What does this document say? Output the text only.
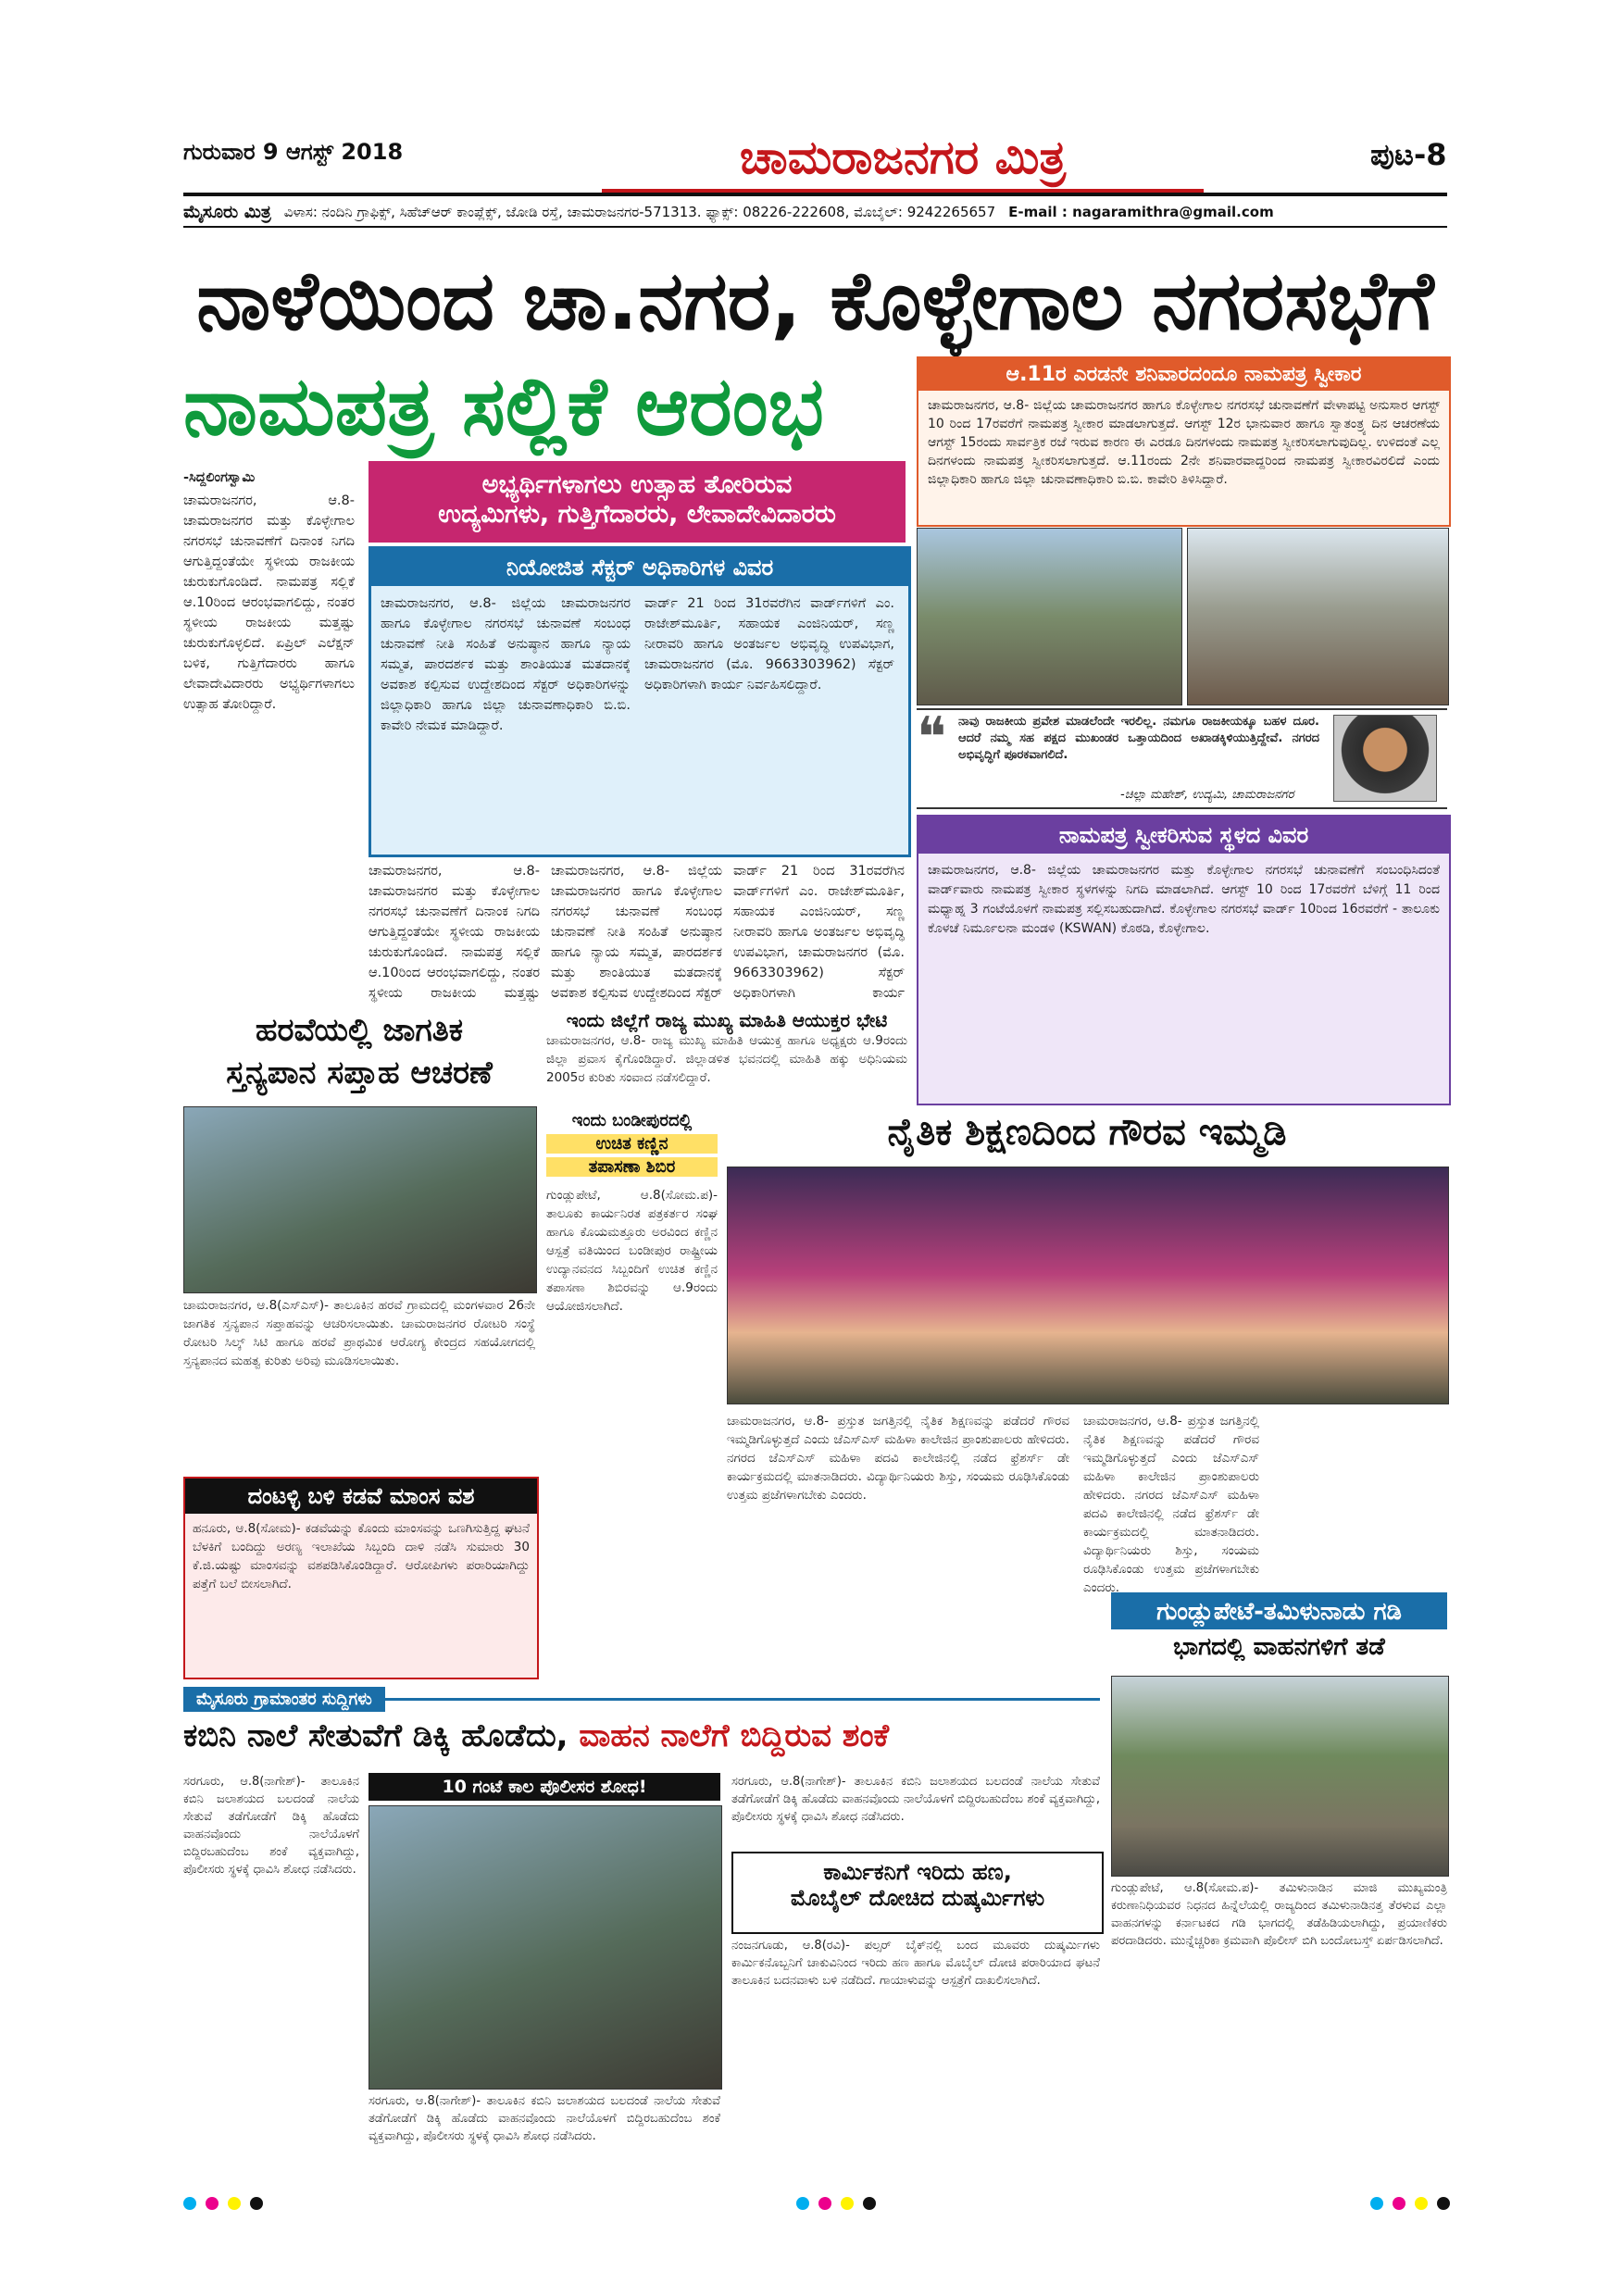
ಗುರುವಾರ 9 ಆಗಸ್ಟ್ 2018	ಚಾಮರಾಜನಗರ ಮಿತ್ರ	ಪುಟ-8
ಮೈಸೂರು ಮಿತ್ರ ವಿಳಾಸ: ನಂದಿನಿ ಗ್ರಾಫಿಕ್ಸ್, ಸಿಹೆಚ್ಆರ್ ಕಾಂಪ್ಲೆಕ್ಸ್, ಜೋಡಿ ರಸ್ತೆ, ಚಾಮರಾಜನಗರ-571313. ಫ್ಯಾಕ್ಸ್: 08226-222608, ಮೊಬೈಲ್: 9242265657 E-mail : nagaramithra@gmail.com
ನಾಳೆಯಿಂದ ಚಾ.ನಗರ, ಕೊಳ್ಳೇಗಾಲ ನಗರಸಭೆಗೆ
ನಾಮಪತ್ರ ಸಲ್ಲಿಕೆ ಆರಂಭ
-ಸಿದ್ದಲಿಂಗಸ್ವಾಮಿ
ಚಾಮರಾಜನಗರ, ಆ.8- ಚಾಮರಾಜನಗರ ಮತ್ತು ಕೊಳ್ಳೇಗಾಲ ನಗರಸಭೆ ಚುನಾವಣೆಗೆ ದಿನಾಂಕ ನಿಗದಿ ಆಗುತ್ತಿದ್ದಂತೆಯೇ ಸ್ಥಳೀಯ ರಾಜಕೀಯ ಚುರುಕುಗೊಂಡಿದೆ. ನಾಮಪತ್ರ ಸಲ್ಲಿಕೆ ಆ.10ರಿಂದ ಆರಂಭವಾಗಲಿದ್ದು, ನಂತರ ಸ್ಥಳೀಯ ರಾಜಕೀಯ ಮತ್ತಷ್ಟು ಚುರುಕುಗೊಳ್ಳಲಿದೆ. ಏಪ್ರಿಲ್ ಎಲೆಕ್ಷನ್ ಬಳಿಕ, ಗುತ್ತಿಗೆದಾರರು ಹಾಗೂ ಲೇವಾದೇವಿದಾರರು ಅಭ್ಯರ್ಥಿಗಳಾಗಲು ಉತ್ಸಾಹ ತೋರಿದ್ದಾರೆ.
ಅಭ್ಯರ್ಥಿಗಳಾಗಲು ಉತ್ಸಾಹ ತೋರಿರುವ
ಉದ್ಯಮಿಗಳು, ಗುತ್ತಿಗೆದಾರರು, ಲೇವಾದೇವಿದಾರರು
ನಿಯೋಜಿತ ಸೆಕ್ಟರ್ ಅಧಿಕಾರಿಗಳ ವಿವರ
ಚಾಮರಾಜನಗರ, ಆ.8- ಜಿಲ್ಲೆಯ ಚಾಮರಾಜನಗರ ಹಾಗೂ ಕೊಳ್ಳೇಗಾಲ ನಗರಸಭೆ ಚುನಾವಣೆ ಸಂಬಂಧ ಚುನಾವಣೆ ನೀತಿ ಸಂಹಿತೆ ಅನುಷ್ಠಾನ ಹಾಗೂ ನ್ಯಾಯ ಸಮ್ಮತ, ಪಾರದರ್ಶಕ ಮತ್ತು ಶಾಂತಿಯುತ ಮತದಾನಕ್ಕೆ ಅವಕಾಶ ಕಲ್ಪಿಸುವ ಉದ್ದೇಶದಿಂದ ಸೆಕ್ಟರ್ ಅಧಿಕಾರಿಗಳನ್ನು ಜಿಲ್ಲಾಧಿಕಾರಿ ಹಾಗೂ ಜಿಲ್ಲಾ ಚುನಾವಣಾಧಿಕಾರಿ ಬಿ.ಬಿ. ಕಾವೇರಿ ನೇಮಕ ಮಾಡಿದ್ದಾರೆ.
ವಾರ್ಡ್ 21 ರಿಂದ 31ರವರೆಗಿನ ವಾರ್ಡ್‌ಗಳಿಗೆ ಎಂ. ರಾಜೇಶ್‌ಮೂರ್ತಿ, ಸಹಾಯಕ ಎಂಜಿನಿಯರ್, ಸಣ್ಣ ನೀರಾವರಿ ಹಾಗೂ ಅಂತರ್ಜಲ ಅಭಿವೃದ್ಧಿ ಉಪವಿಭಾಗ, ಚಾಮರಾಜನಗರ (ಮೊ. 9663303962) ಸೆಕ್ಟರ್ ಅಧಿಕಾರಿಗಳಾಗಿ ಕಾರ್ಯ ನಿರ್ವಹಿಸಲಿದ್ದಾರೆ.
ಚಾಮರಾಜನಗರ, ಆ.8- ಚಾಮರಾಜನಗರ ಮತ್ತು ಕೊಳ್ಳೇಗಾಲ ನಗರಸಭೆ ಚುನಾವಣೆಗೆ ದಿನಾಂಕ ನಿಗದಿ ಆಗುತ್ತಿದ್ದಂತೆಯೇ ಸ್ಥಳೀಯ ರಾಜಕೀಯ ಚುರುಕುಗೊಂಡಿದೆ. ನಾಮಪತ್ರ ಸಲ್ಲಿಕೆ ಆ.10ರಿಂದ ಆರಂಭವಾಗಲಿದ್ದು, ನಂತರ ಸ್ಥಳೀಯ ರಾಜಕೀಯ ಮತ್ತಷ್ಟು
ಚಾಮರಾಜನಗರ, ಆ.8- ಜಿಲ್ಲೆಯ ಚಾಮರಾಜನಗರ ಹಾಗೂ ಕೊಳ್ಳೇಗಾಲ ನಗರಸಭೆ ಚುನಾವಣೆ ಸಂಬಂಧ ಚುನಾವಣೆ ನೀತಿ ಸಂಹಿತೆ ಅನುಷ್ಠಾನ ಹಾಗೂ ನ್ಯಾಯ ಸಮ್ಮತ, ಪಾರದರ್ಶಕ ಮತ್ತು ಶಾಂತಿಯುತ ಮತದಾನಕ್ಕೆ ಅವಕಾಶ ಕಲ್ಪಿಸುವ ಉದ್ದೇಶದಿಂದ ಸೆಕ್ಟರ್
ವಾರ್ಡ್ 21 ರಿಂದ 31ರವರೆಗಿನ ವಾರ್ಡ್‌ಗಳಿಗೆ ಎಂ. ರಾಜೇಶ್‌ಮೂರ್ತಿ, ಸಹಾಯಕ ಎಂಜಿನಿಯರ್, ಸಣ್ಣ ನೀರಾವರಿ ಹಾಗೂ ಅಂತರ್ಜಲ ಅಭಿವೃದ್ಧಿ ಉಪವಿಭಾಗ, ಚಾಮರಾಜನಗರ (ಮೊ. 9663303962) ಸೆಕ್ಟರ್ ಅಧಿಕಾರಿಗಳಾಗಿ ಕಾರ್ಯ
ಆ.11ರ ಎರಡನೇ ಶನಿವಾರದಂದೂ ನಾಮಪತ್ರ ಸ್ವೀಕಾರ
ಚಾಮರಾಜನಗರ, ಆ.8- ಜಿಲ್ಲೆಯ ಚಾಮರಾಜನಗರ ಹಾಗೂ ಕೊಳ್ಳೇಗಾಲ ನಗರಸಭೆ ಚುನಾವಣೆಗೆ ವೇಳಾಪಟ್ಟಿ ಅನುಸಾರ ಆಗಸ್ಟ್ 10 ರಿಂದ 17ರವರೆಗೆ ನಾಮಪತ್ರ ಸ್ವೀಕಾರ ಮಾಡಲಾಗುತ್ತದೆ. ಆಗಸ್ಟ್ 12ರ ಭಾನುವಾರ ಹಾಗೂ ಸ್ವಾತಂತ್ರ್ಯ ದಿನ ಆಚರಣೆಯ ಆಗಸ್ಟ್ 15ರಂದು ಸಾರ್ವತ್ರಿಕ ರಜೆ ಇರುವ ಕಾರಣ ಈ ಎರಡೂ ದಿನಗಳಂದು ನಾಮಪತ್ರ ಸ್ವೀಕರಿಸಲಾಗುವುದಿಲ್ಲ. ಉಳಿದಂತೆ ಎಲ್ಲ ದಿನಗಳಂದು ನಾಮಪತ್ರ ಸ್ವೀಕರಿಸಲಾಗುತ್ತದೆ. ಆ.11ರಂದು 2ನೇ ಶನಿವಾರವಾದ್ದರಿಂದ ನಾಮಪತ್ರ ಸ್ವೀಕಾರವಿರಲಿದೆ ಎಂದು ಜಿಲ್ಲಾಧಿಕಾರಿ ಹಾಗೂ ಜಿಲ್ಲಾ ಚುನಾವಣಾಧಿಕಾರಿ ಬಿ.ಬಿ. ಕಾವೇರಿ ತಿಳಿಸಿದ್ದಾರೆ.
❝ ನಾವು ರಾಜಕೀಯ ಪ್ರವೇಶ ಮಾಡಲೆಂದೇ ಇರಲಿಲ್ಲ. ನಮಗೂ ರಾಜಕೀಯಕ್ಕೂ ಬಹಳ ದೂರ. ಆದರೆ ನಮ್ಮ ಸಹ ಪಕ್ಷದ ಮುಖಂಡರ ಒತ್ತಾಯದಿಂದ ಅಖಾಡಕ್ಕಿಳಿಯುತ್ತಿದ್ದೇವೆ. ನಗರದ ಅಭಿವೃದ್ಧಿಗೆ ಪೂರಕವಾಗಲಿದೆ.
-ಚಿಲ್ಲಾ ಮಹೇಶ್, ಉದ್ಯಮಿ, ಚಾಮರಾಜನಗರ
ನಾಮಪತ್ರ ಸ್ವೀಕರಿಸುವ ಸ್ಥಳದ ವಿವರ
ಚಾಮರಾಜನಗರ, ಆ.8- ಜಿಲ್ಲೆಯ ಚಾಮರಾಜನಗರ ಮತ್ತು ಕೊಳ್ಳೇಗಾಲ ನಗರಸಭೆ ಚುನಾವಣೆಗೆ ಸಂಬಂಧಿಸಿದಂತೆ ವಾರ್ಡ್‌ವಾರು ನಾಮಪತ್ರ ಸ್ವೀಕಾರ ಸ್ಥಳಗಳನ್ನು ನಿಗದಿ ಮಾಡಲಾಗಿದೆ. ಆಗಸ್ಟ್ 10 ರಿಂದ 17ರವರೆಗೆ ಬೆಳಿಗ್ಗೆ 11 ರಿಂದ ಮಧ್ಯಾಹ್ನ 3 ಗಂಟೆಯೊಳಗೆ ನಾಮಪತ್ರ ಸಲ್ಲಿಸಬಹುದಾಗಿದೆ. ಕೊಳ್ಳೇಗಾಲ ನಗರಸಭೆ ವಾರ್ಡ್ 10ರಿಂದ 16ರವರೆಗೆ - ತಾಲೂಕು ಕೊಳಚೆ ನಿರ್ಮೂಲನಾ ಮಂಡಳಿ (KSWAN) ಕೊಠಡಿ, ಕೊಳ್ಳೇಗಾಲ.
ಹರವೆಯಲ್ಲಿ ಜಾಗತಿಕ
ಸ್ತನ್ಯಪಾನ ಸಪ್ತಾಹ ಆಚರಣೆ
ಚಾಮರಾಜನಗರ, ಆ.8(ಎಸ್‌ಎಸ್)- ತಾಲೂಕಿನ ಹರವೆ ಗ್ರಾಮದಲ್ಲಿ ಮಂಗಳವಾರ 26ನೇ ಜಾಗತಿಕ ಸ್ತನ್ಯಪಾನ ಸಪ್ತಾಹವನ್ನು ಆಚರಿಸಲಾಯಿತು. ಚಾಮರಾಜನಗರ ರೋಟರಿ ಸಂಸ್ಥೆ ರೋಟರಿ ಸಿಲ್ಕ್ ಸಿಟಿ ಹಾಗೂ ಹರವೆ ಪ್ರಾಥಮಿಕ ಆರೋಗ್ಯ ಕೇಂದ್ರದ ಸಹಯೋಗದಲ್ಲಿ ಸ್ತನ್ಯಪಾನದ ಮಹತ್ವ ಕುರಿತು ಅರಿವು ಮೂಡಿಸಲಾಯಿತು.
ಇಂದು ಜಿಲ್ಲೆಗೆ ರಾಜ್ಯ ಮುಖ್ಯ ಮಾಹಿತಿ ಆಯುಕ್ತರ ಭೇಟಿ
ಚಾಮರಾಜನಗರ, ಆ.8- ರಾಜ್ಯ ಮುಖ್ಯ ಮಾಹಿತಿ ಆಯುಕ್ತ ಹಾಗೂ ಅಧ್ಯಕ್ಷರು ಆ.9ರಂದು ಜಿಲ್ಲಾ ಪ್ರವಾಸ ಕೈಗೊಂಡಿದ್ದಾರೆ. ಜಿಲ್ಲಾಡಳಿತ ಭವನದಲ್ಲಿ ಮಾಹಿತಿ ಹಕ್ಕು ಅಧಿನಿಯಮ 2005ರ ಕುರಿತು ಸಂವಾದ ನಡೆಸಲಿದ್ದಾರೆ.
ಇಂದು ಬಂಡೀಪುರದಲ್ಲಿ
ಉಚಿತ ಕಣ್ಣಿನ
ತಪಾಸಣಾ ಶಿಬಿರ
ಗುಂಡ್ಲುಪೇಟೆ, ಆ.8(ಸೋಮ.ಪ)- ತಾಲೂಕು ಕಾರ್ಯನಿರತ ಪತ್ರಕರ್ತರ ಸಂಘ ಹಾಗೂ ಕೊಯಮತ್ತೂರು ಅರವಿಂದ ಕಣ್ಣಿನ ಆಸ್ಪತ್ರೆ ವತಿಯಿಂದ ಬಂಡೀಪುರ ರಾಷ್ಟ್ರೀಯ ಉದ್ಯಾನವನದ ಸಿಬ್ಬಂದಿಗೆ ಉಚಿತ ಕಣ್ಣಿನ ತಪಾಸಣಾ ಶಿಬಿರವನ್ನು ಆ.9ರಂದು ಆಯೋಜಿಸಲಾಗಿದೆ.
ನೈತಿಕ ಶಿಕ್ಷಣದಿಂದ ಗೌರವ ಇಮ್ಮಡಿ
ಚಾಮರಾಜನಗರ, ಆ.8- ಪ್ರಸ್ತುತ ಜಗತ್ತಿನಲ್ಲಿ ನೈತಿಕ ಶಿಕ್ಷಣವನ್ನು ಪಡೆದರೆ ಗೌರವ ಇಮ್ಮಡಿಗೊಳ್ಳುತ್ತದೆ ಎಂದು ಜೆಎಸ್‌ಎಸ್ ಮಹಿಳಾ ಕಾಲೇಜಿನ ಪ್ರಾಂಶುಪಾಲರು ಹೇಳಿದರು. ನಗರದ ಜೆಎಸ್‌ಎಸ್ ಮಹಿಳಾ ಪದವಿ ಕಾಲೇಜಿನಲ್ಲಿ ನಡೆದ ಫ್ರೆಶರ್ಸ್ ಡೇ ಕಾರ್ಯಕ್ರಮದಲ್ಲಿ ಮಾತನಾಡಿದರು. ವಿದ್ಯಾರ್ಥಿನಿಯರು ಶಿಸ್ತು, ಸಂಯಮ ರೂಢಿಸಿಕೊಂಡು ಉತ್ತಮ ಪ್ರಜೆಗಳಾಗಬೇಕು ಎಂದರು.
ಚಾಮರಾಜನಗರ, ಆ.8- ಪ್ರಸ್ತುತ ಜಗತ್ತಿನಲ್ಲಿ ನೈತಿಕ ಶಿಕ್ಷಣವನ್ನು ಪಡೆದರೆ ಗೌರವ ಇಮ್ಮಡಿಗೊಳ್ಳುತ್ತದೆ ಎಂದು ಜೆಎಸ್‌ಎಸ್ ಮಹಿಳಾ ಕಾಲೇಜಿನ ಪ್ರಾಂಶುಪಾಲರು ಹೇಳಿದರು. ನಗರದ ಜೆಎಸ್‌ಎಸ್ ಮಹಿಳಾ ಪದವಿ ಕಾಲೇಜಿನಲ್ಲಿ ನಡೆದ ಫ್ರೆಶರ್ಸ್ ಡೇ ಕಾರ್ಯಕ್ರಮದಲ್ಲಿ ಮಾತನಾಡಿದರು. ವಿದ್ಯಾರ್ಥಿನಿಯರು ಶಿಸ್ತು, ಸಂಯಮ ರೂಢಿಸಿಕೊಂಡು ಉತ್ತಮ ಪ್ರಜೆಗಳಾಗಬೇಕು ಎಂದರು.
ದಂಟಳ್ಳಿ ಬಳಿ ಕಡವೆ ಮಾಂಸ ವಶ
ಹನೂರು, ಆ.8(ಸೋಮ)- ಕಡವೆಯನ್ನು ಕೊಂದು ಮಾಂಸವನ್ನು ಒಣಗಿಸುತ್ತಿದ್ದ ಘಟನೆ ಬೆಳಕಿಗೆ ಬಂದಿದ್ದು ಅರಣ್ಯ ಇಲಾಖೆಯ ಸಿಬ್ಬಂದಿ ದಾಳಿ ನಡೆಸಿ ಸುಮಾರು 30 ಕೆ.ಜಿ.ಯಷ್ಟು ಮಾಂಸವನ್ನು ವಶಪಡಿಸಿಕೊಂಡಿದ್ದಾರೆ. ಆರೋಪಿಗಳು ಪರಾರಿಯಾಗಿದ್ದು ಪತ್ತೆಗೆ ಬಲೆ ಬೀಸಲಾಗಿದೆ.
ಗುಂಡ್ಲುಪೇಟೆ-ತಮಿಳುನಾಡು ಗಡಿ
ಭಾಗದಲ್ಲಿ ವಾಹನಗಳಿಗೆ ತಡೆ
ಗುಂಡ್ಲುಪೇಟೆ, ಆ.8(ಸೋಮ.ಪ)- ತಮಿಳುನಾಡಿನ ಮಾಜಿ ಮುಖ್ಯಮಂತ್ರಿ ಕರುಣಾನಿಧಿಯವರ ನಿಧನದ ಹಿನ್ನೆಲೆಯಲ್ಲಿ ರಾಜ್ಯದಿಂದ ತಮಿಳುನಾಡಿನತ್ತ ತೆರಳುವ ಎಲ್ಲಾ ವಾಹನಗಳನ್ನು ಕರ್ನಾಟಕದ ಗಡಿ ಭಾಗದಲ್ಲಿ ತಡೆಹಿಡಿಯಲಾಗಿದ್ದು, ಪ್ರಯಾಣಿಕರು ಪರದಾಡಿದರು. ಮುನ್ನೆಚ್ಚರಿಕಾ ಕ್ರಮವಾಗಿ ಪೊಲೀಸ್ ಬಿಗಿ ಬಂದೋಬಸ್ತ್ ಏರ್ಪಡಿಸಲಾಗಿದೆ.
ಮೈಸೂರು ಗ್ರಾಮಾಂತರ ಸುದ್ದಿಗಳು
ಕಬಿನಿ ನಾಲೆ ಸೇತುವೆಗೆ ಡಿಕ್ಕಿ ಹೊಡೆದು, ವಾಹನ ನಾಲೆಗೆ ಬಿದ್ದಿರುವ ಶಂಕೆ
ಸರಗೂರು, ಆ.8(ನಾಗೇಶ್)- ತಾಲೂಕಿನ ಕಬಿನಿ ಜಲಾಶಯದ ಬಲದಂಡೆ ನಾಲೆಯ ಸೇತುವೆ ತಡೆಗೋಡೆಗೆ ಡಿಕ್ಕಿ ಹೊಡೆದು ವಾಹನವೊಂದು ನಾಲೆಯೊಳಗೆ ಬಿದ್ದಿರಬಹುದೆಂಬ ಶಂಕೆ ವ್ಯಕ್ತವಾಗಿದ್ದು, ಪೊಲೀಸರು ಸ್ಥಳಕ್ಕೆ ಧಾವಿಸಿ ಶೋಧ ನಡೆಸಿದರು.
10 ಗಂಟೆ ಕಾಲ ಪೊಲೀಸರ ಶೋಧ!
ಸರಗೂರು, ಆ.8(ನಾಗೇಶ್)- ತಾಲೂಕಿನ ಕಬಿನಿ ಜಲಾಶಯದ ಬಲದಂಡೆ ನಾಲೆಯ ಸೇತುವೆ ತಡೆಗೋಡೆಗೆ ಡಿಕ್ಕಿ ಹೊಡೆದು ವಾಹನವೊಂದು ನಾಲೆಯೊಳಗೆ ಬಿದ್ದಿರಬಹುದೆಂಬ ಶಂಕೆ ವ್ಯಕ್ತವಾಗಿದ್ದು, ಪೊಲೀಸರು ಸ್ಥಳಕ್ಕೆ ಧಾವಿಸಿ ಶೋಧ ನಡೆಸಿದರು.
ಸರಗೂರು, ಆ.8(ನಾಗೇಶ್)- ತಾಲೂಕಿನ ಕಬಿನಿ ಜಲಾಶಯದ ಬಲದಂಡೆ ನಾಲೆಯ ಸೇತುವೆ ತಡೆಗೋಡೆಗೆ ಡಿಕ್ಕಿ ಹೊಡೆದು ವಾಹನವೊಂದು ನಾಲೆಯೊಳಗೆ ಬಿದ್ದಿರಬಹುದೆಂಬ ಶಂಕೆ ವ್ಯಕ್ತವಾಗಿದ್ದು, ಪೊಲೀಸರು ಸ್ಥಳಕ್ಕೆ ಧಾವಿಸಿ ಶೋಧ ನಡೆಸಿದರು.
ಕಾರ್ಮಿಕನಿಗೆ ಇರಿದು ಹಣ,
ಮೊಬೈಲ್ ದೋಚಿದ ದುಷ್ಕರ್ಮಿಗಳು
ನಂಜನಗೂಡು, ಆ.8(ರವಿ)- ಪಲ್ಸರ್ ಬೈಕ್‌ನಲ್ಲಿ ಬಂದ ಮೂವರು ದುಷ್ಕರ್ಮಿಗಳು ಕಾರ್ಮಿಕನೊಬ್ಬನಿಗೆ ಚಾಕುವಿನಿಂದ ಇರಿದು ಹಣ ಹಾಗೂ ಮೊಬೈಲ್ ದೋಚಿ ಪರಾರಿಯಾದ ಘಟನೆ ತಾಲೂಕಿನ ಬದನವಾಳು ಬಳಿ ನಡೆದಿದೆ. ಗಾಯಾಳುವನ್ನು ಆಸ್ಪತ್ರೆಗೆ ದಾಖಲಿಸಲಾಗಿದೆ.
